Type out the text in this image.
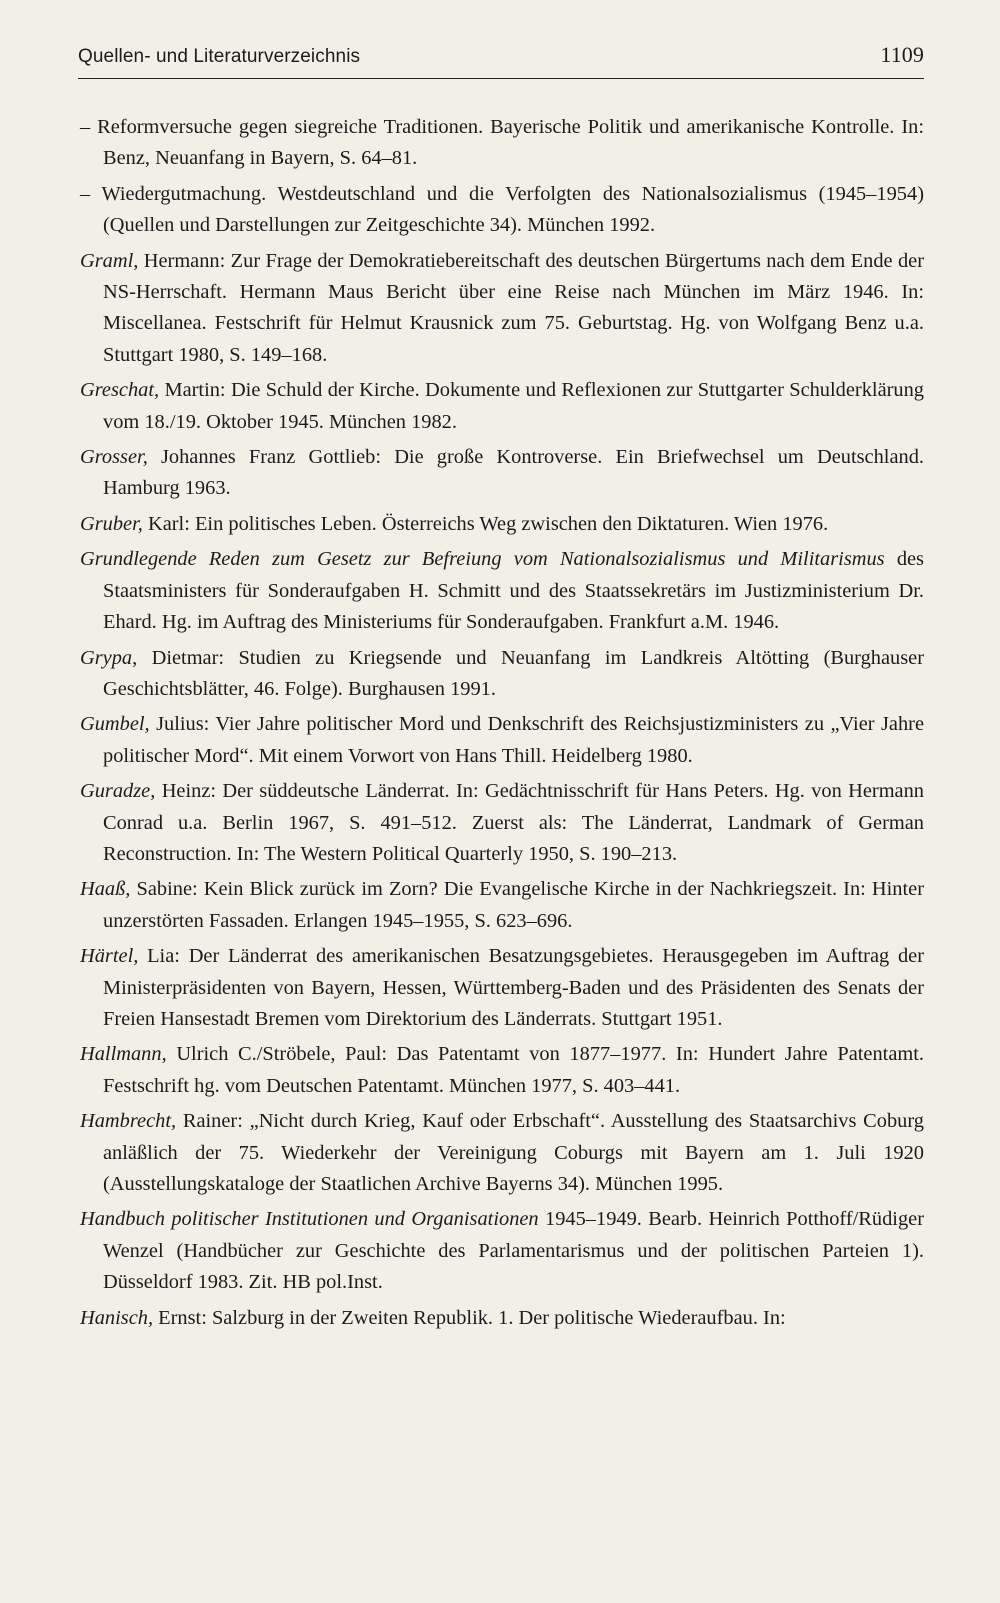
Quellen- und Literaturverzeichnis	1109

– Reformversuche gegen siegreiche Traditionen. Bayerische Politik und amerikanische Kontrolle. In: Benz, Neuanfang in Bayern, S. 64–81.

– Wiedergutmachung. Westdeutschland und die Verfolgten des Nationalsozialismus (1945–1954) (Quellen und Darstellungen zur Zeitgeschichte 34). München 1992.

Graml, Hermann: Zur Frage der Demokratiebereitschaft des deutschen Bürgertums nach dem Ende der NS-Herrschaft. Hermann Maus Bericht über eine Reise nach München im März 1946. In: Miscellanea. Festschrift für Helmut Krausnick zum 75. Geburtstag. Hg. von Wolfgang Benz u.a. Stuttgart 1980, S. 149–168.

Greschat, Martin: Die Schuld der Kirche. Dokumente und Reflexionen zur Stuttgarter Schulderklärung vom 18./19. Oktober 1945. München 1982.

Grosser, Johannes Franz Gottlieb: Die große Kontroverse. Ein Briefwechsel um Deutschland. Hamburg 1963.

Gruber, Karl: Ein politisches Leben. Österreichs Weg zwischen den Diktaturen. Wien 1976.

Grundlegende Reden zum Gesetz zur Befreiung vom Nationalsozialismus und Militarismus des Staatsministers für Sonderaufgaben H. Schmitt und des Staatssekretärs im Justizministerium Dr. Ehard. Hg. im Auftrag des Ministeriums für Sonderaufgaben. Frankfurt a.M. 1946.

Grypa, Dietmar: Studien zu Kriegsende und Neuanfang im Landkreis Altötting (Burghauser Geschichtsblätter, 46. Folge). Burghausen 1991.

Gumbel, Julius: Vier Jahre politischer Mord und Denkschrift des Reichsjustizministers zu „Vier Jahre politischer Mord“. Mit einem Vorwort von Hans Thill. Heidelberg 1980.

Guradze, Heinz: Der süddeutsche Länderrat. In: Gedächtnisschrift für Hans Peters. Hg. von Hermann Conrad u.a. Berlin 1967, S. 491–512. Zuerst als: The Länderrat, Landmark of German Reconstruction. In: The Western Political Quarterly 1950, S. 190–213.

Haaß, Sabine: Kein Blick zurück im Zorn? Die Evangelische Kirche in der Nachkriegszeit. In: Hinter unzerstörten Fassaden. Erlangen 1945–1955, S. 623–696.

Härtel, Lia: Der Länderrat des amerikanischen Besatzungsgebietes. Herausgegeben im Auftrag der Ministerpräsidenten von Bayern, Hessen, Württemberg-Baden und des Präsidenten des Senats der Freien Hansestadt Bremen vom Direktorium des Länderrats. Stuttgart 1951.

Hallmann, Ulrich C./Ströbele, Paul: Das Patentamt von 1877–1977. In: Hundert Jahre Patentamt. Festschrift hg. vom Deutschen Patentamt. München 1977, S. 403–441.

Hambrecht, Rainer: „Nicht durch Krieg, Kauf oder Erbschaft“. Ausstellung des Staatsarchivs Coburg anläßlich der 75. Wiederkehr der Vereinigung Coburgs mit Bayern am 1. Juli 1920 (Ausstellungskataloge der Staatlichen Archive Bayerns 34). München 1995.

Handbuch politischer Institutionen und Organisationen 1945–1949. Bearb. Heinrich Potthoff/Rüdiger Wenzel (Handbücher zur Geschichte des Parlamentarismus und der politischen Parteien 1). Düsseldorf 1983. Zit. HB pol.Inst.

Hanisch, Ernst: Salzburg in der Zweiten Republik. 1. Der politische Wiederaufbau. In:
